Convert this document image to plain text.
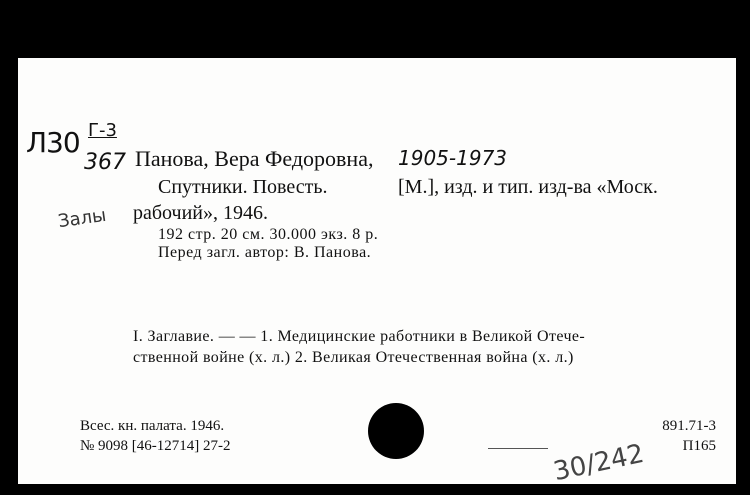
Л30 Г-3
367 Панова, Вера Федоровна, 1905-1973
Спутники. Повесть.	[М.], изд. и тип. изд-ва «Моск.
рабочий», 1946.
192 стр. 20 см. 30.000 экз. 8 р.
Перед загл. автор: В. Панова.
Залы
I. Заглавие. — — 1. Медицинские работники в Великой Отече-
ственной войне (х. л.) 2. Великая Отечественная война (х. л.)
Всес. кн. палата. 1946.
№ 9098 [46-12714] 27-2
891.71-3
П165
30/242
